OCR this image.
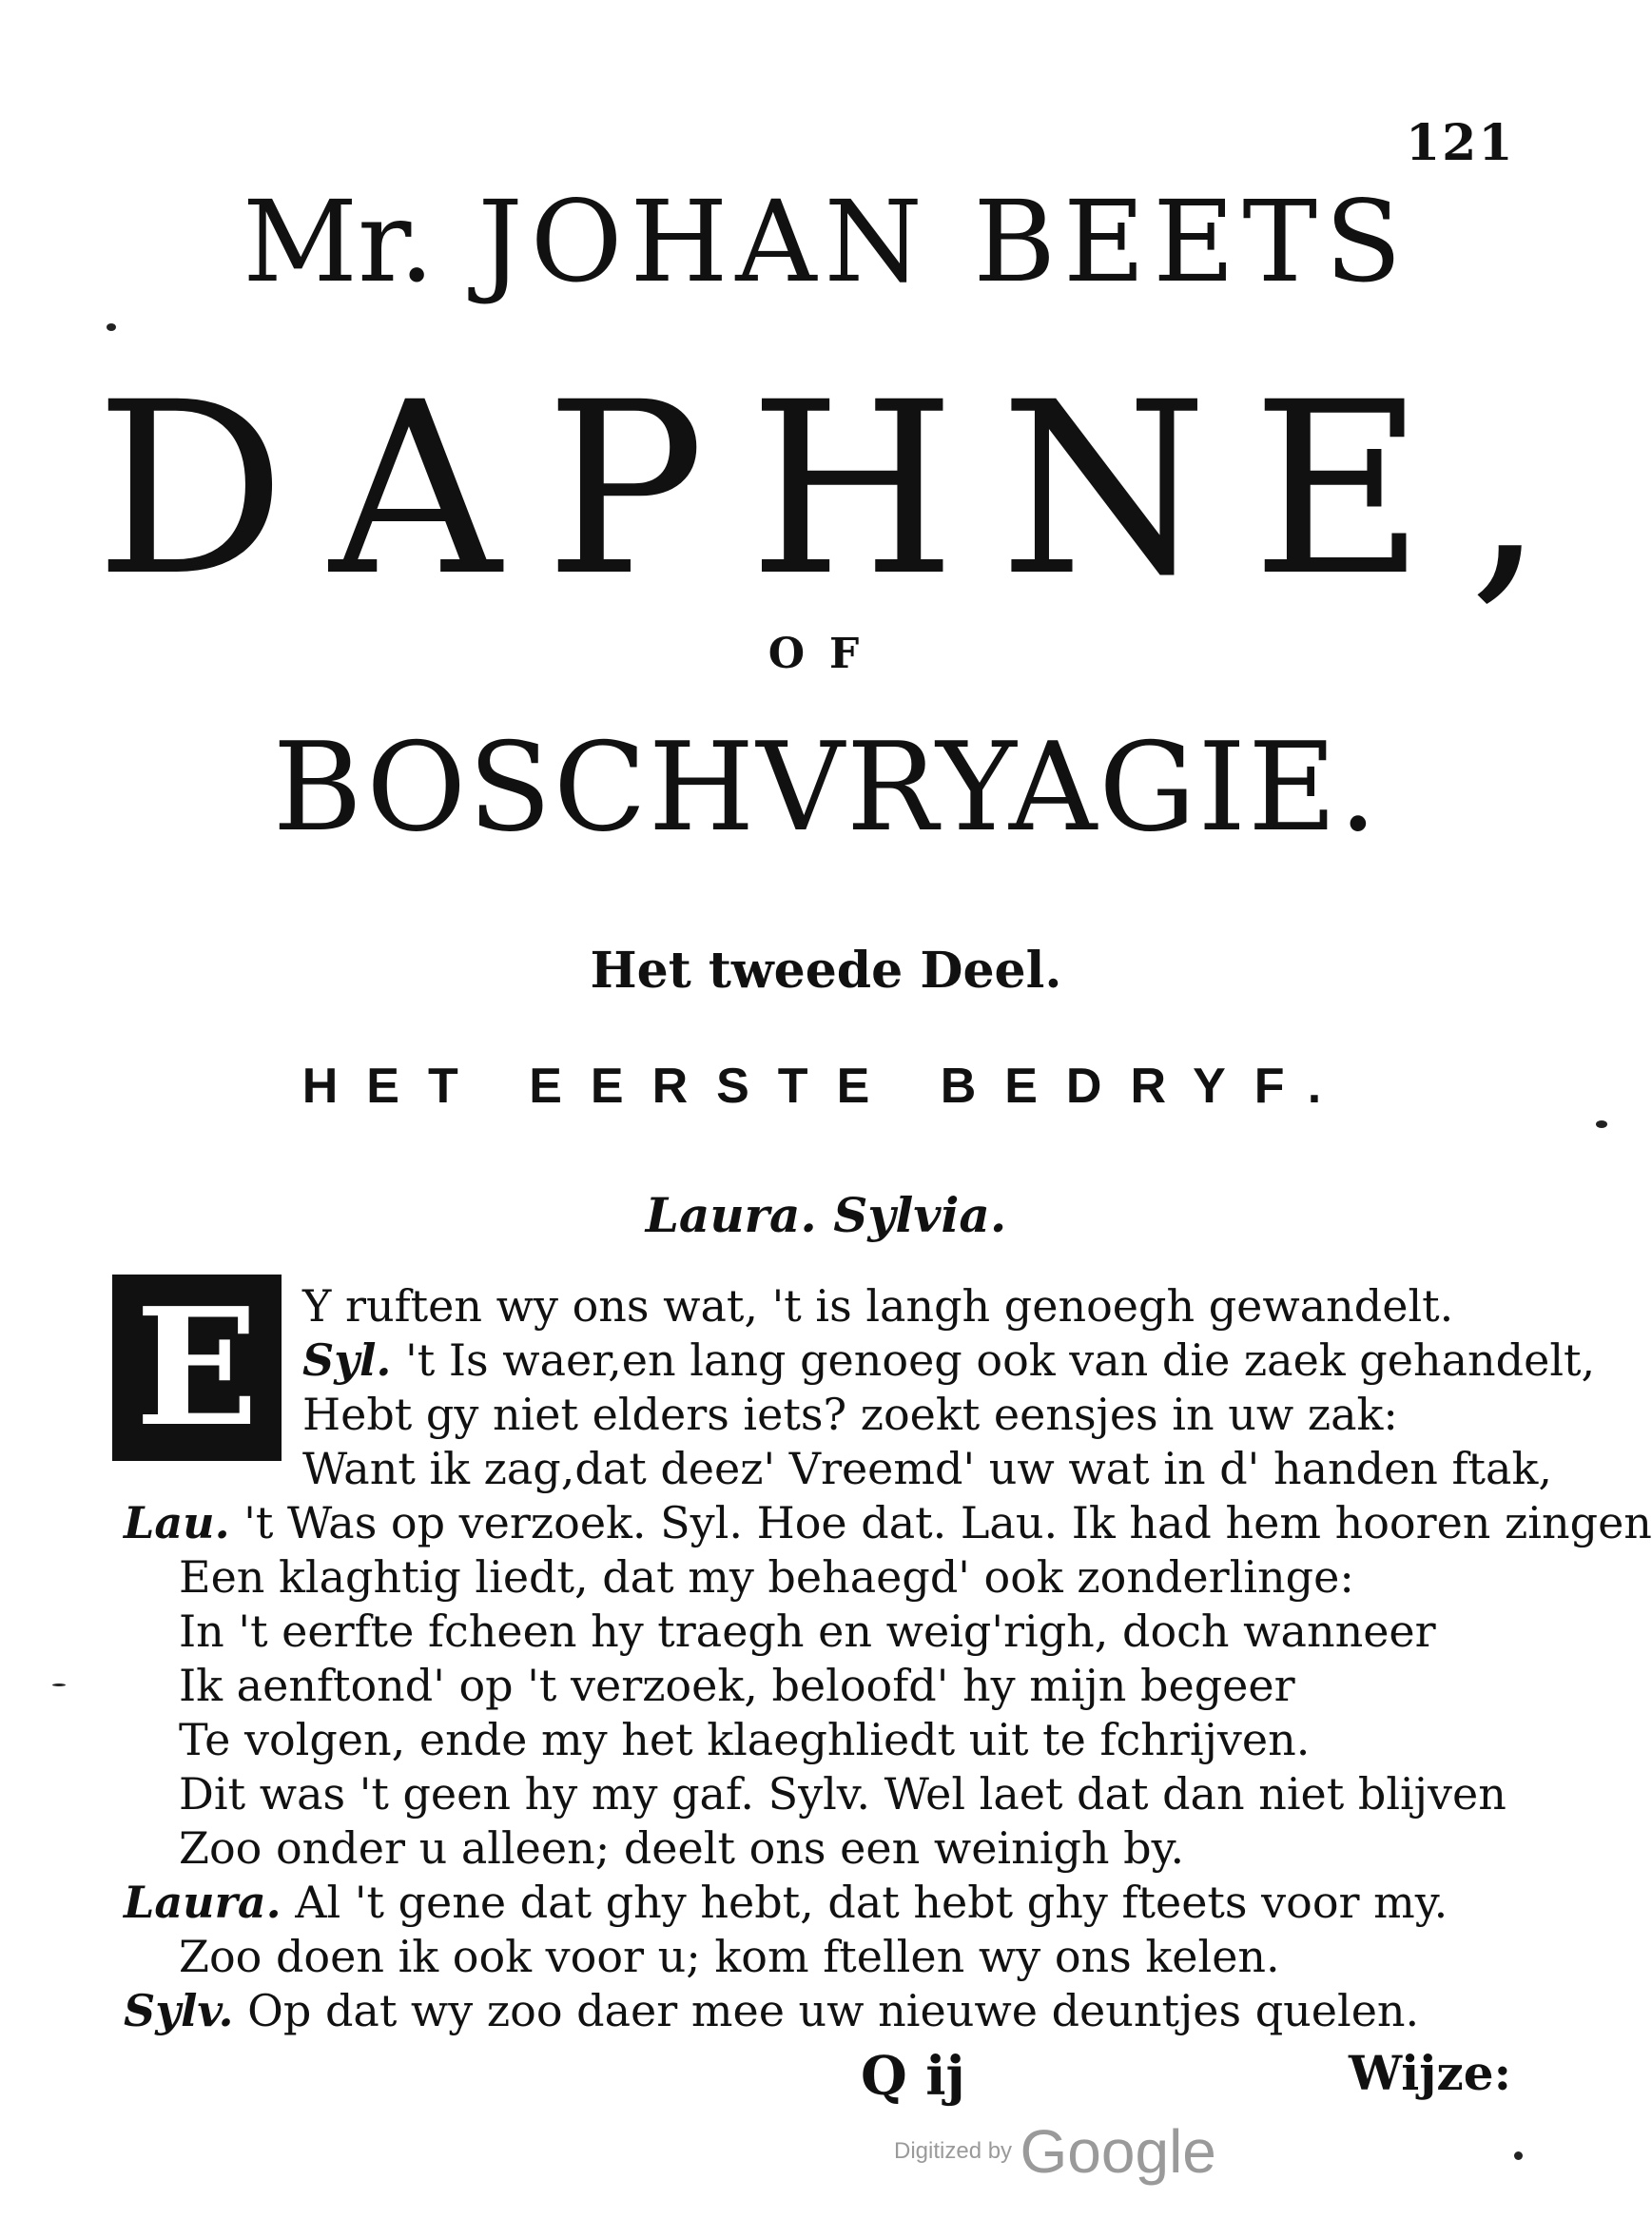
121
Mr. JOHAN BEETS
DAPHNE,
OF
BOSCHVRYAGIE.
Het tweede Deel.
HET EERSTE BEDRYF.
Laura. Sylvia.
E	Y ruften wy ons wat, 't is langh genoegh gewandelt.
Syl. 't Is waer,en lang genoeg ook van die zaek gehandelt,
Hebt gy niet elders iets? zoekt eensjes in uw zak:
Want ik zag,dat deez' Vreemd' uw wat in d' handen ftak,
Lau. 't Was op verzoek. Syl. Hoe dat. Lau. Ik had hem hooren zingen
Een klaghtig liedt, dat my behaegd' ook zonderlinge:
In 't eerfte fcheen hy traegh en weig'righ, doch wanneer
Ik aenftond' op 't verzoek, beloofd' hy mijn begeer
Te volgen, ende my het klaeghliedt uit te fchrijven.
Dit was 't geen hy my gaf. Sylv. Wel laet dat dan niet blijven
Zoo onder u alleen; deelt ons een weinigh by.
Laura. Al 't gene dat ghy hebt, dat hebt ghy fteets voor my.
Zoo doen ik ook voor u; kom ftellen wy ons kelen.
Sylv. Op dat wy zoo daer mee uw nieuwe deuntjes quelen.
Q ij	Wijze:
Digitized by Google
